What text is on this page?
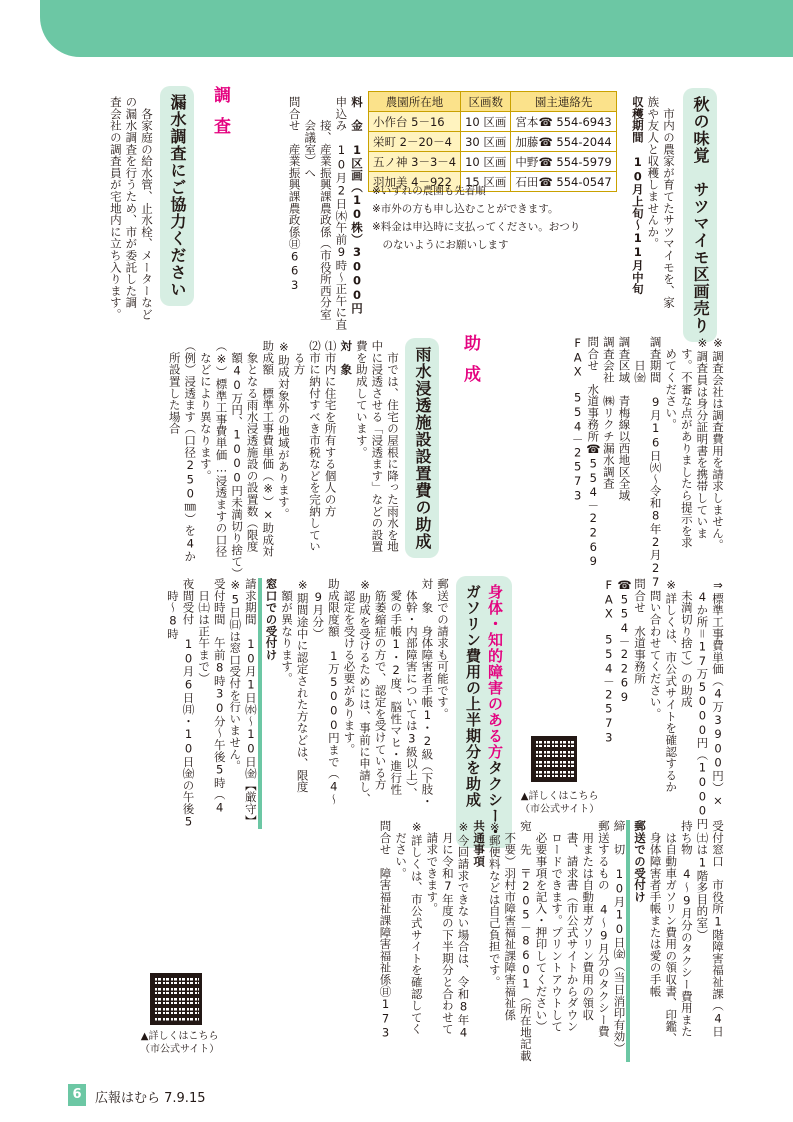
秋の味覚　サツマイモ区画売り

　市内の農家が育てたサツマイモを、家

族や友人と収穫しませんか。

収穫期間　10月上旬～11月中旬

農園所在地	区画数	園主連絡先
小作台 5－16	10 区画	宮本☎ 554-6943
栄町 2－20－4	30 区画	加藤☎ 554-2044
五ノ神 3－3－4	10 区画	中野☎ 554-5979
羽加美 4－922	15 区画	石田☎ 554-0547
※いずれの農園も先着順
※市外の方も申し込むことができます。
※料金は申込時に支払ってください。おつり
　のないようにお願いします

料　金　1区画（10株）3000円

申込み　10月2日㈭午前9時～正午に直

　　接、産業振興課農政係（市役所西分室

　　会議室）へ

問合せ　産業振興課農政係㊐663

調査
漏水調査にご協力ください

　各家庭の給水管、止水栓、メーターなど

の漏水調査を行うため、市が委託した調

査会社の調査員が宅地内に立ち入ります。

※調査会社は調査費用を請求しません。

※調査員は身分証明書を携帯していま

　す。不審な点がありましたら提示を求

　めてください。

調査期間　9月16日㈫～令和8年2月27

　　日㈮

調査区域　青梅線以西地区全域

調査会社　㈱リクチ漏水調査

問合せ　水道事務所☎554－2269

FAX　554－2573

助成
雨水浸透施設設置費の助成

　市では、住宅の屋根に降った雨水を地

中に浸透させる「浸透ます」などの設置

費を助成しています。

対　象

⑴市内に住宅を所有する個人の方

⑵市に納付すべき市税などを完納してい

　る方

※助成対象外の地域があります。

助成額　標準工事費単価（※）×助成対

　象となる雨水浸透施設の設置数（限度

　額40万円、1000円未満切り捨て）

（※）標準工事費単価…浸透ますの口径

　などにより異なります。

（例）浸透ます（口径250㎜）を4か

　所設置した場合

⇒標準工事費単価（4万3900円）×

　4か所＝17万5000円（1000円

　未満切り捨て）の助成

※詳しくは、市公式サイトを確認するか

　問い合わせてください。

問合せ　水道事務所

☎554－2269

FAX　554－2573

身体・知的障害のある方タクシー・
ガソリン費用の上半期分を助成	▲詳しくはこちら
（市公式サイト）

郵送での請求も可能です。

対　象　身体障害者手帳1・2級（下肢・

　体幹・内部障害については3級以上）、

　愛の手帳1・2度、脳性マヒ・進行性

　筋萎縮症の方で、認定を受けている方

※助成を受けるためには、事前に申請し、

　認定を受ける必要があります。

助成限度額　1万5000円まで（4～

　9月分）

※期間途中に認定された方などは、限度

　額が異なります。

窓口での受付け

請求期間　10月1日㈬～10日㈮【厳守】

※5日㈰は窓口受付を行いません。

受付時間　午前8時30分～午後5時（4

　日㈯は正午まで）

夜間受付　10月6日㈪・10日㈮の午後5

　時～8時

受付窓口　市役所1階障害福祉課（4日

　㈯は1階多目的室）

持ち物　4～9月分のタクシー費用また

　は自動車ガソリン費用の領収書、印鑑、

　身体障害者手帳または愛の手帳

郵送での受付け

締　切　10月10日㈮（当日消印有効）

郵送するもの　4～9月分のタクシー費

　用または自動車ガソリン費用の領収

　書、請求書（市公式サイトからダウン

　ロードできます。プリントアウトして

　必要事項を記入・押印してください）

宛　先　〒205－8601（所在地記載

　不要）羽村市障害福祉課障害福祉係

※郵便料などは自己負担です。

共通事項

※今回請求できない場合は、令和8年4

　月に令和7年度の下半期分と合わせて

　請求できます。

※詳しくは、市公式サイトを確認してく

　ださい。

問合せ　障害福祉課障害福祉係㊐173

▲詳しくはこちら
（市公式サイト）
6	広報はむら 7.9.15
